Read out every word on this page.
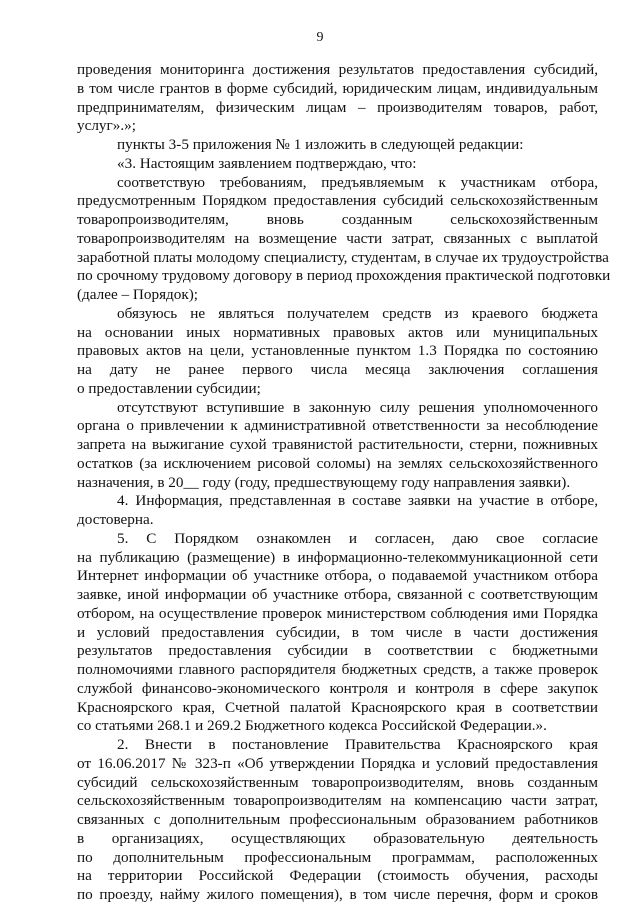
9
проведения мониторинга достижения результатов предоставления субсидий,
в том числе грантов в форме субсидий, юридическим лицам, индивидуальным
предпринимателям, физическим лицам – производителям товаров, работ,
услуг».»;
пункты 3-5 приложения № 1 изложить в следующей редакции:
«3. Настоящим заявлением подтверждаю, что:
соответствую требованиям, предъявляемым к участникам отбора,
предусмотренным Порядком предоставления субсидий сельскохозяйственным
товаропроизводителям, вновь созданным сельскохозяйственным
товаропроизводителям на возмещение части затрат, связанных с выплатой
заработной платы молодому специалисту, студентам, в случае их трудоустройства
по срочному трудовому договору в период прохождения практической подготовки
(далее – Порядок);
обязуюсь не являться получателем средств из краевого бюджета
на основании иных нормативных правовых актов или муниципальных
правовых актов на цели, установленные пунктом 1.3 Порядка по состоянию
на дату не ранее первого числа месяца заключения соглашения
о предоставлении субсидии;
отсутствуют вступившие в законную силу решения уполномоченного
органа о привлечении к административной ответственности за несоблюдение
запрета на выжигание сухой травянистой растительности, стерни, пожнивных
остатков (за исключением рисовой соломы) на землях сельскохозяйственного
назначения, в 20__ году (году, предшествующему году направления заявки).
4. Информация, представленная в составе заявки на участие в отборе,
достоверна.
5. С Порядком ознакомлен и согласен, даю свое согласие
на публикацию (размещение) в информационно-телекоммуникационной сети
Интернет информации об участнике отбора, о подаваемой участником отбора
заявке, иной информации об участнике отбора, связанной с соответствующим
отбором, на осуществление проверок министерством соблюдения ими Порядка
и условий предоставления субсидии, в том числе в части достижения
результатов предоставления субсидии в соответствии с бюджетными
полномочиями главного распорядителя бюджетных средств, а также проверок
службой финансово-экономического контроля и контроля в сфере закупок
Красноярского края, Счетной палатой Красноярского края в соответствии
со статьями 268.1 и 269.2 Бюджетного кодекса Российской Федерации.».
2. Внести в постановление Правительства Красноярского края
от 16.06.2017 № 323-п «Об утверждении Порядка и условий предоставления
субсидий сельскохозяйственным товаропроизводителям, вновь созданным
сельскохозяйственным товаропроизводителям на компенсацию части затрат,
связанных с дополнительным профессиональным образованием работников
в организациях, осуществляющих образовательную деятельность
по дополнительным профессиональным программам, расположенных
на территории Российской Федерации (стоимость обучения, расходы
по проезду, найму жилого помещения), в том числе перечня, форм и сроков
